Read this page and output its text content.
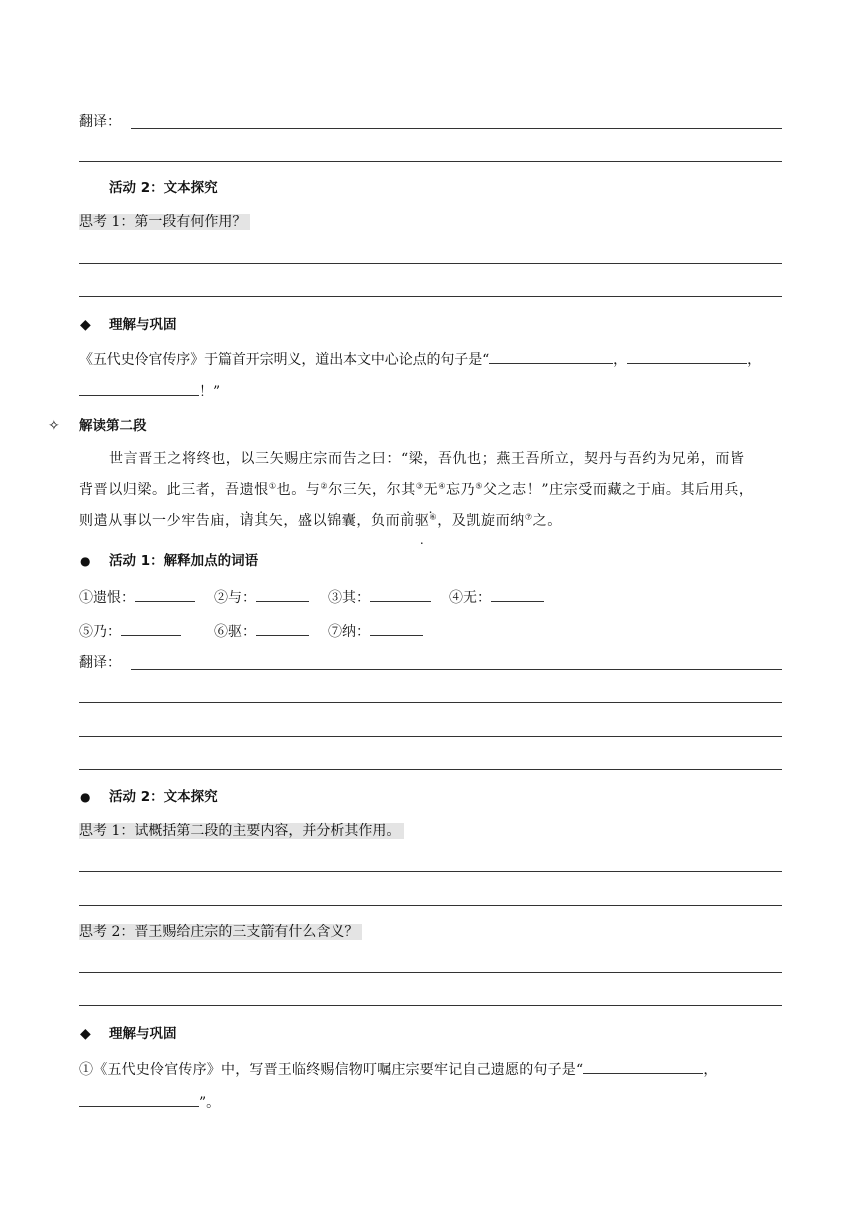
翻译：
活动 2：文本探究
思考 1：第一段有何作用？
◆ 理解与巩固
《五代史伶官传序》于篇首开宗明义，道出本文中心论点的句子是“	，	，
！”
✧ 解读第二段
世言晋王之将终也，以三矢赐庄宗而告之曰：“梁，吾仇也；燕王吾所立，契丹与吾约为兄弟，而皆
背晋以归梁。此三者，吾遗恨①也。与②尔三矢，尔其③无④忘乃⑤父之志！”庄宗受而藏之于庙。其后用兵，
则遣从事以一少牢告庙，请其矢，盛以锦囊，负而前驱⑥，及凯旋而纳⑦之。
● 活动 1：解释加点的词语
①遗恨：	②与：	③其：	④无：
⑤乃：	⑥驱：	⑦纳：
翻译：
● 活动 2：文本探究
思考 1：试概括第二段的主要内容，并分析其作用。
思考 2：晋王赐给庄宗的三支箭有什么含义？
◆ 理解与巩固
①《五代史伶官传序》中，写晋王临终赐信物叮嘱庄宗要牢记自己遗愿的句子是“	，
”。
